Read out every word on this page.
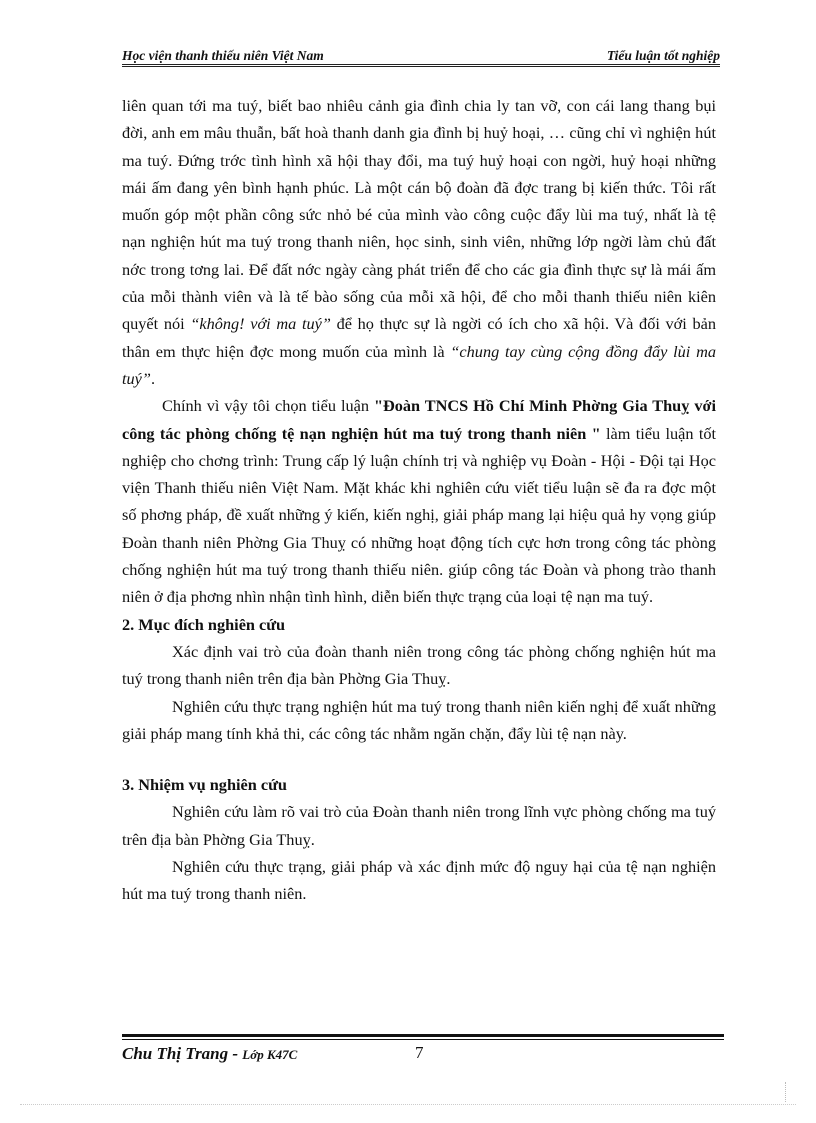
Học viện thanh thiếu niên Việt Nam	Tiểu luận tốt nghiệp

liên quan tới ma tuý, biết bao nhiêu cảnh gia đình chia ly tan vỡ, con cái lang thang bụi đời, anh em mâu thuẫn, bất hoà thanh danh gia đình bị huỷ hoại, … cũng chỉ vì nghiện hút ma tuý. Đứng trớc tình hình xã hội thay đổi, ma tuý huỷ hoại con ngời, huỷ hoại những mái ấm đang yên bình hạnh phúc. Là một cán bộ đoàn đã đợc trang bị kiến thức. Tôi rất muốn góp một phần công sức nhỏ bé của mình vào công cuộc đẩy lùi ma tuý, nhất là tệ nạn nghiện hút ma tuý trong thanh niên, học sinh, sinh viên, những lớp ngời làm chủ đất nớc trong tơng lai. Để đất nớc ngày càng phát triển để cho các gia đình thực sự là mái ấm của mỗi thành viên và là tế bào sống của mỗi xã hội, để cho mỗi thanh thiếu niên kiên quyết nói “không! với ma tuý” để họ thực sự là ngời có ích cho xã hội. Và đối với bản thân em thực hiện đợc mong muốn của mình là “chung tay cùng cộng đồng đẩy lùi ma tuý”.

Chính vì vậy tôi chọn tiểu luận "Đoàn TNCS Hồ Chí Minh Phờng Gia Thuỵ với công tác phòng chống tệ nạn nghiện hút ma tuý trong thanh niên " làm tiểu luận tốt nghiệp cho chơng trình: Trung cấp lý luận chính trị và nghiệp vụ Đoàn - Hội - Đội tại Học viện Thanh thiếu niên Việt Nam. Mặt khác khi nghiên cứu viết tiểu luận sẽ đa ra đợc một số phơng pháp, đề xuất những ý kiến, kiến nghị, giải pháp mang lại hiệu quả hy vọng giúp Đoàn thanh niên Phờng Gia Thuỵ có những hoạt động tích cực hơn trong công tác phòng chống nghiện hút ma tuý trong thanh thiếu niên. giúp công tác Đoàn và phong trào thanh niên ở địa phơng nhìn nhận tình hình, diễn biến thực trạng của loại tệ nạn ma tuý.

2. Mục đích nghiên cứu

Xác định vai trò của đoàn thanh niên trong công tác phòng chống nghiện hút ma tuý trong thanh niên trên địa bàn Phờng Gia Thuỵ.

Nghiên cứu thực trạng nghiện hút ma tuý trong thanh niên kiến nghị để xuất những giải pháp mang tính khả thi, các công tác nhằm ngăn chặn, đẩy lùi tệ nạn này.

3. Nhiệm vụ nghiên cứu

Nghiên cứu làm rõ vai trò của Đoàn thanh niên trong lĩnh vực phòng chống ma tuý trên địa bàn Phờng Gia Thuỵ.

Nghiên cứu thực trạng, giải pháp và xác định mức độ nguy hại của tệ nạn nghiện hút ma tuý trong thanh niên.

Chu Thị Trang - Lớp K47C	7
